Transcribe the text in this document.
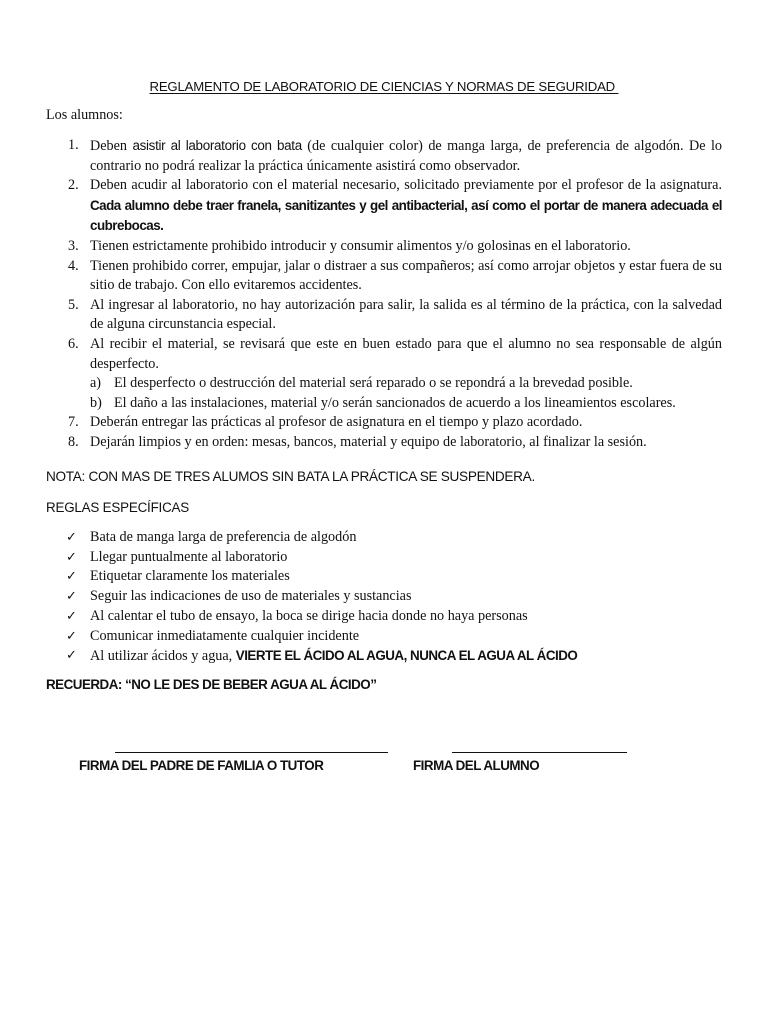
REGLAMENTO DE LABORATORIO DE CIENCIAS Y NORMAS DE SEGURIDAD
Los alumnos:
1. Deben asistir al laboratorio con bata (de cualquier color) de manga larga, de preferencia de algodón. De lo contrario no podrá realizar la práctica únicamente asistirá como observador.
2. Deben acudir al laboratorio con el material necesario, solicitado previamente por el profesor de la asignatura. Cada alumno debe traer franela, sanitizantes y gel antibacterial, así como el portar de manera adecuada el cubrebocas.
3. Tienen estrictamente prohibido introducir y consumir alimentos y/o golosinas en el laboratorio.
4. Tienen prohibido correr, empujar, jalar o distraer a sus compañeros; así como arrojar objetos y estar fuera de su sitio de trabajo. Con ello evitaremos accidentes.
5. Al ingresar al laboratorio, no hay autorización para salir, la salida es al término de la práctica, con la salvedad de alguna circunstancia especial.
6. Al recibir el material, se revisará que este en buen estado para que el alumno no sea responsable de algún desperfecto.
a) El desperfecto o destrucción del material será reparado o se repondrá a la brevedad posible.
b) El daño a las instalaciones, material y/o serán sancionados de acuerdo a los lineamientos escolares.
7. Deberán entregar las prácticas al profesor de asignatura en el tiempo y plazo acordado.
8. Dejarán limpios y en orden: mesas, bancos, material y equipo de laboratorio, al finalizar la sesión.
NOTA: CON MAS DE TRES ALUMOS SIN BATA LA PRÁCTICA SE SUSPENDERA.
REGLAS ESPECÍFICAS
✓ Bata de manga larga de preferencia de algodón
✓ Llegar puntualmente al laboratorio
✓ Etiquetar claramente los materiales
✓ Seguir las indicaciones de uso de materiales y sustancias
✓ Al calentar el tubo de ensayo, la boca se dirige hacia donde no haya personas
✓ Comunicar inmediatamente cualquier incidente
✓ Al utilizar ácidos y agua, VIERTE EL ÁCIDO AL AGUA, NUNCA EL AGUA AL ÁCIDO
RECUERDA: “NO LE DES DE BEBER AGUA AL ÁCIDO”
FIRMA DEL PADRE DE FAMLIA O TUTOR	FIRMA DEL ALUMNO
